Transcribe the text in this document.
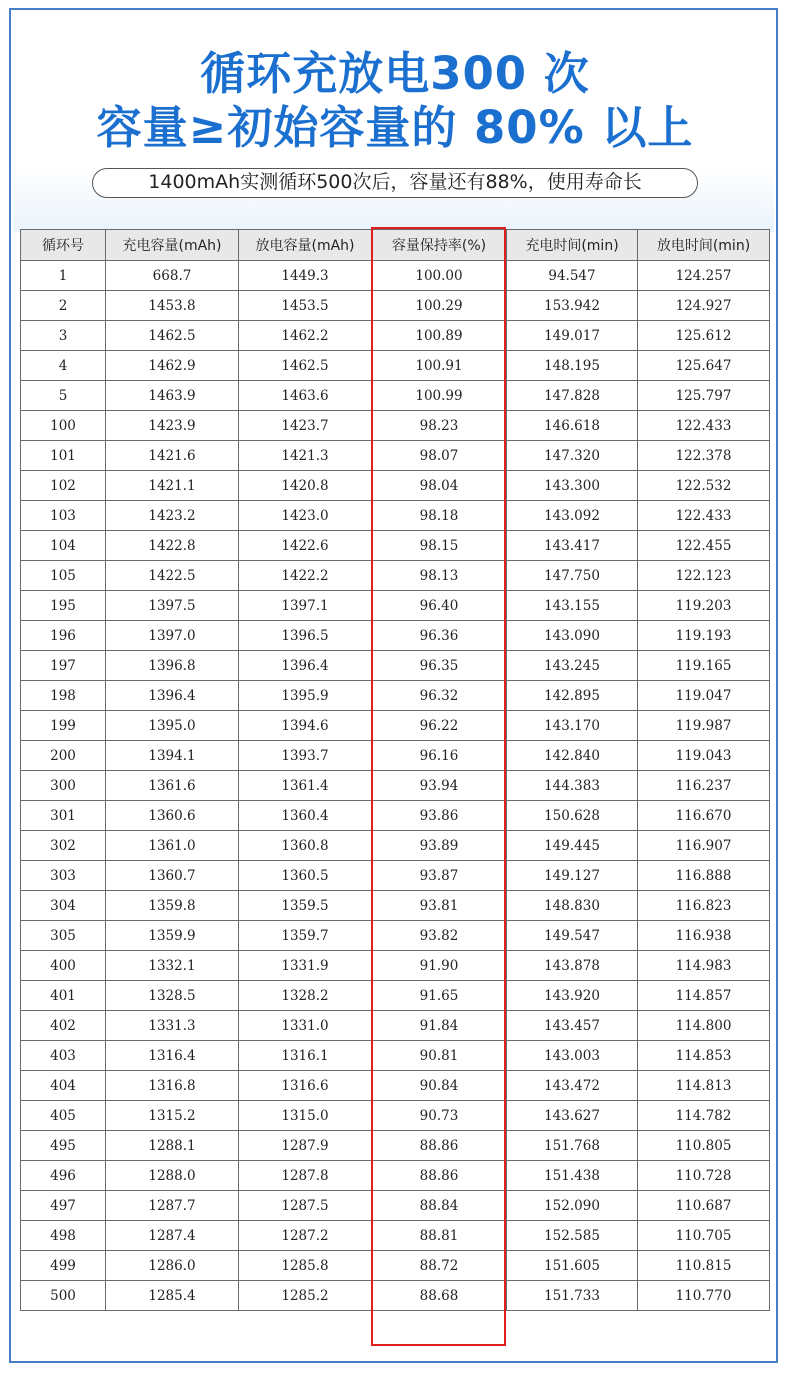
循环充放电300 次
容量≥初始容量的 80% 以上
1400mAh实测循环500次后，容量还有88%，使用寿命长
循环号	充电容量(mAh)	放电容量(mAh)	容量保持率(%)	充电时间(min)	放电时间(min)
1	668.7	1449.3	100.00	94.547	124.257
2	1453.8	1453.5	100.29	153.942	124.927
3	1462.5	1462.2	100.89	149.017	125.612
4	1462.9	1462.5	100.91	148.195	125.647
5	1463.9	1463.6	100.99	147.828	125.797
100	1423.9	1423.7	98.23	146.618	122.433
101	1421.6	1421.3	98.07	147.320	122.378
102	1421.1	1420.8	98.04	143.300	122.532
103	1423.2	1423.0	98.18	143.092	122.433
104	1422.8	1422.6	98.15	143.417	122.455
105	1422.5	1422.2	98.13	147.750	122.123
195	1397.5	1397.1	96.40	143.155	119.203
196	1397.0	1396.5	96.36	143.090	119.193
197	1396.8	1396.4	96.35	143.245	119.165
198	1396.4	1395.9	96.32	142.895	119.047
199	1395.0	1394.6	96.22	143.170	119.987
200	1394.1	1393.7	96.16	142.840	119.043
300	1361.6	1361.4	93.94	144.383	116.237
301	1360.6	1360.4	93.86	150.628	116.670
302	1361.0	1360.8	93.89	149.445	116.907
303	1360.7	1360.5	93.87	149.127	116.888
304	1359.8	1359.5	93.81	148.830	116.823
305	1359.9	1359.7	93.82	149.547	116.938
400	1332.1	1331.9	91.90	143.878	114.983
401	1328.5	1328.2	91.65	143.920	114.857
402	1331.3	1331.0	91.84	143.457	114.800
403	1316.4	1316.1	90.81	143.003	114.853
404	1316.8	1316.6	90.84	143.472	114.813
405	1315.2	1315.0	90.73	143.627	114.782
495	1288.1	1287.9	88.86	151.768	110.805
496	1288.0	1287.8	88.86	151.438	110.728
497	1287.7	1287.5	88.84	152.090	110.687
498	1287.4	1287.2	88.81	152.585	110.705
499	1286.0	1285.8	88.72	151.605	110.815
500	1285.4	1285.2	88.68	151.733	110.770
